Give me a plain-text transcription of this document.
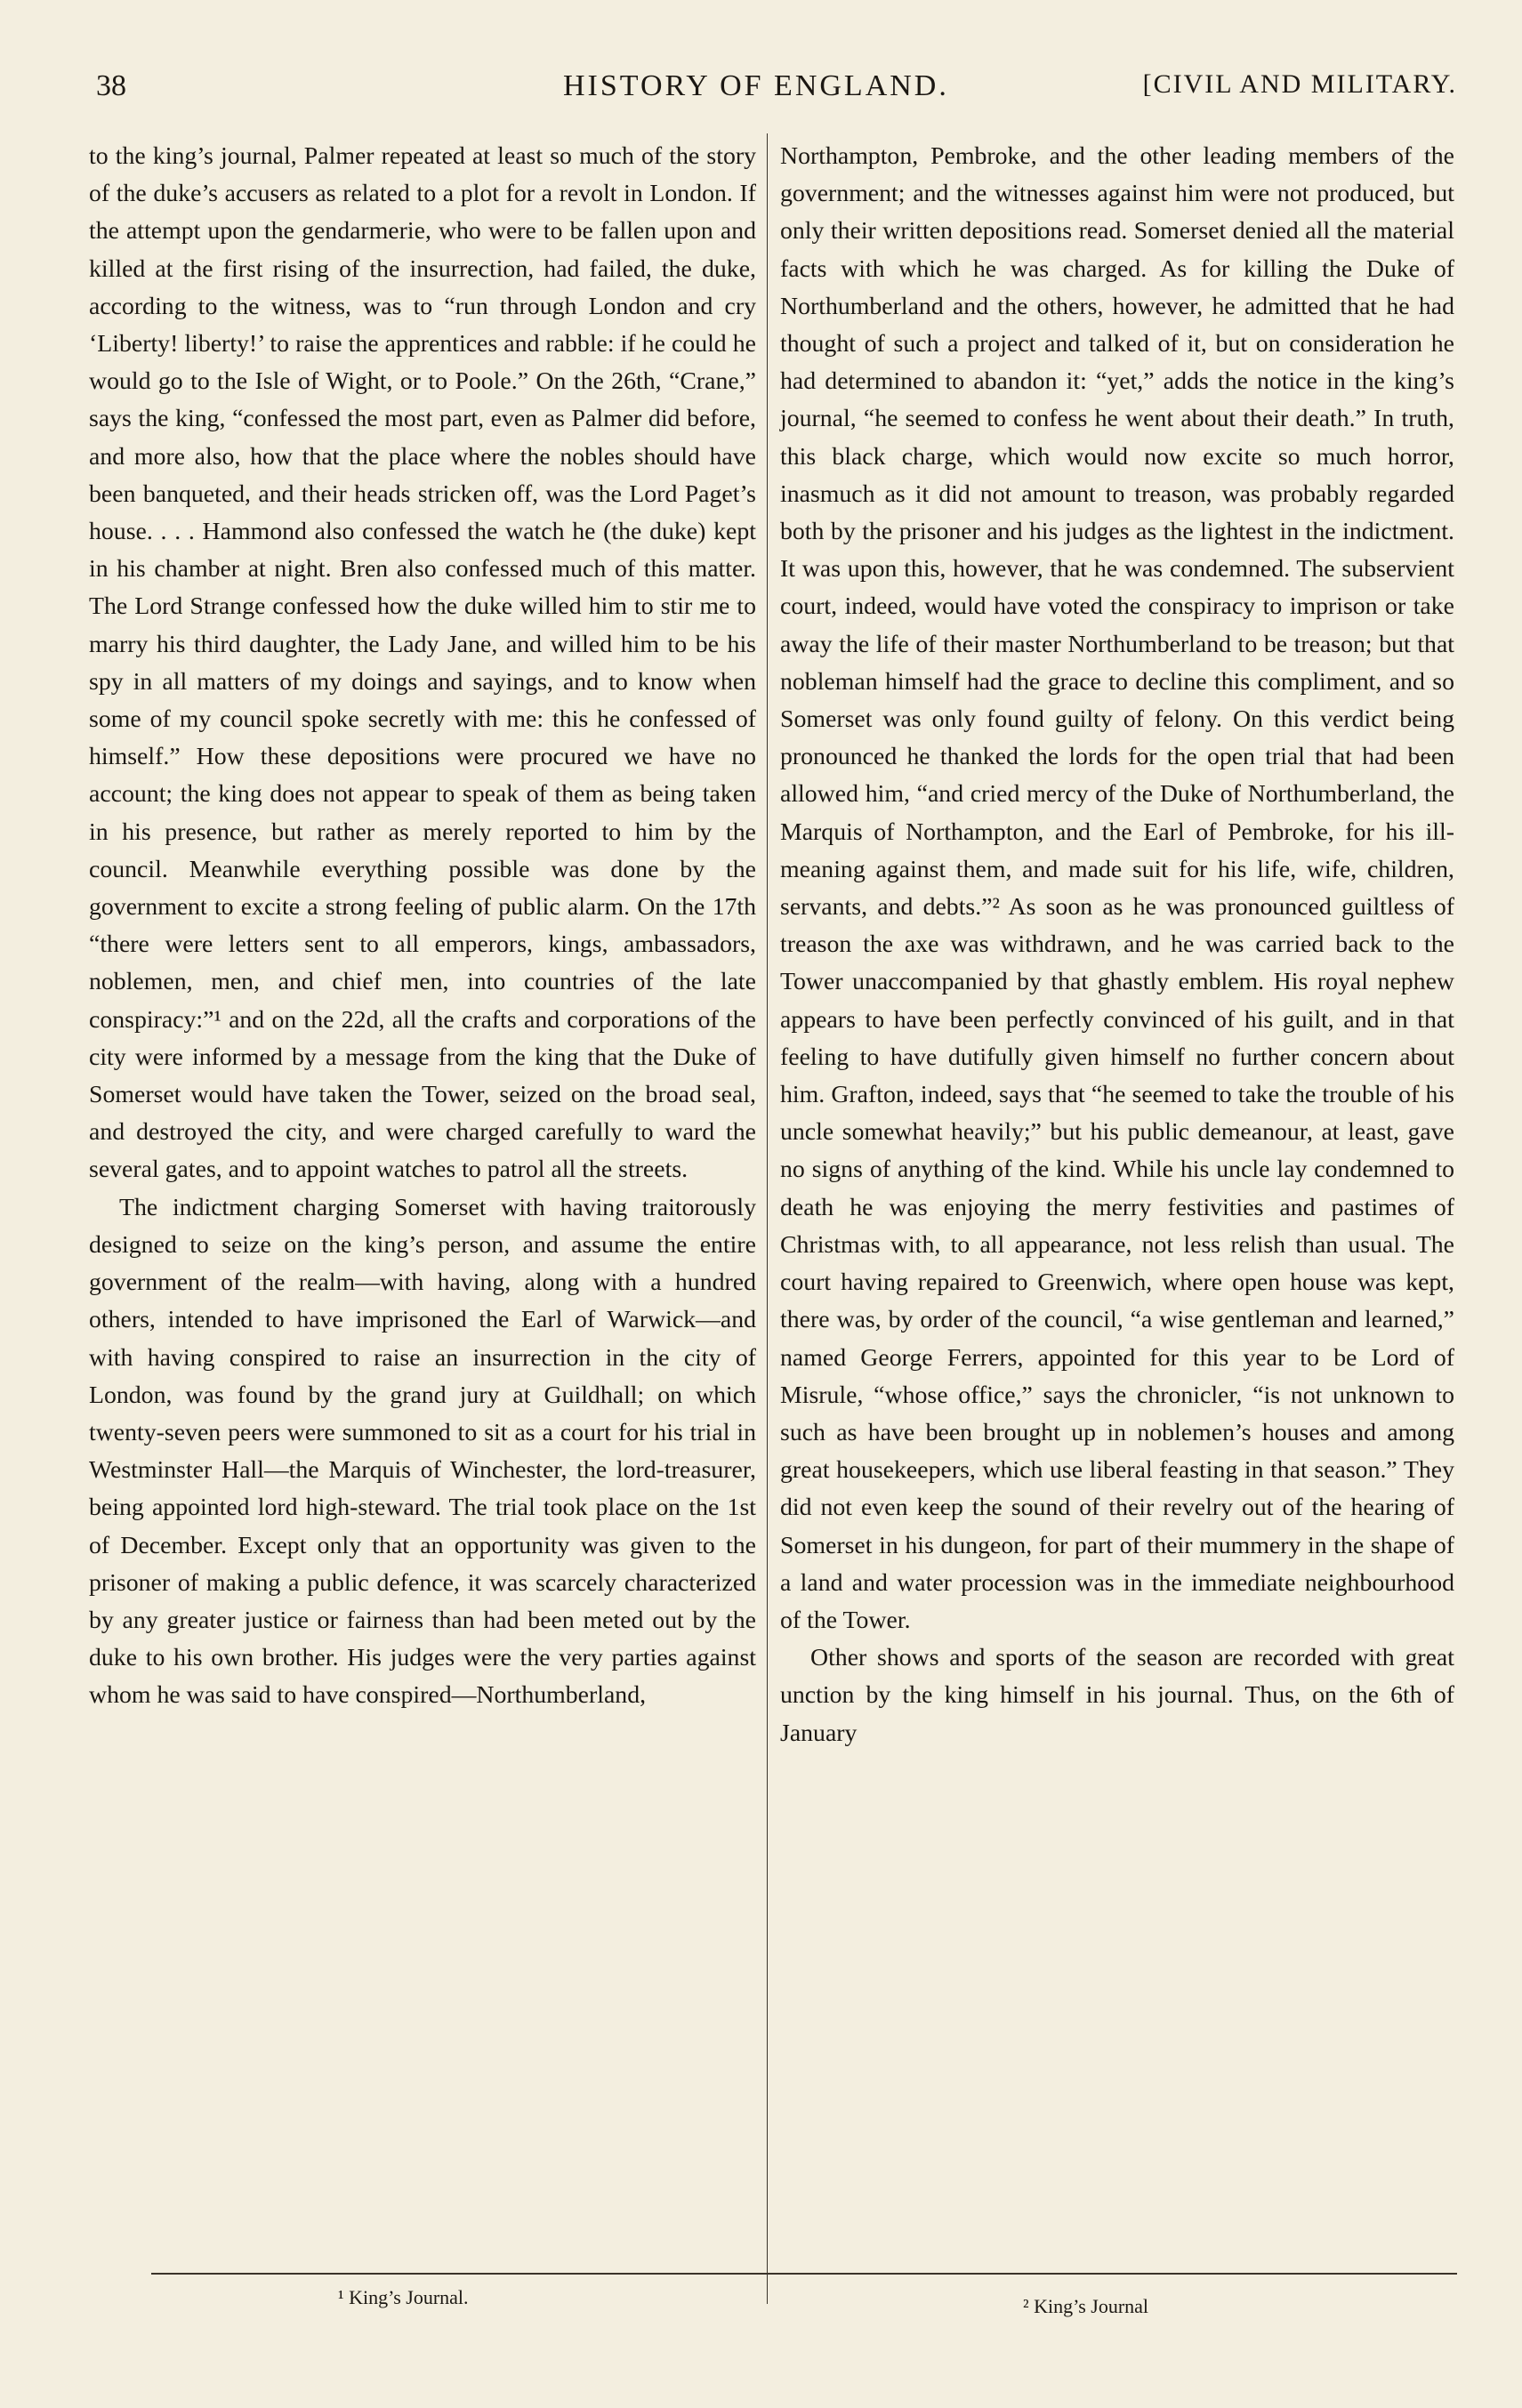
38	HISTORY OF ENGLAND.	[CIVIL AND MILITARY.

to the king’s journal, Palmer repeated at least so much of the story of the duke’s accusers as related to a plot for a revolt in London. If the attempt upon the gendarmerie, who were to be fallen upon and killed at the first rising of the insurrection, had failed, the duke, according to the witness, was to “run through London and cry ‘Liberty! liberty!’ to raise the apprentices and rabble: if he could he would go to the Isle of Wight, or to Poole.” On the 26th, “Crane,” says the king, “confessed the most part, even as Palmer did before, and more also, how that the place where the nobles should have been banqueted, and their heads stricken off, was the Lord Paget’s house. . . . Hammond also confessed the watch he (the duke) kept in his chamber at night. Bren also confessed much of this matter. The Lord Strange confessed how the duke willed him to stir me to marry his third daughter, the Lady Jane, and willed him to be his spy in all matters of my doings and sayings, and to know when some of my council spoke secretly with me: this he confessed of himself.” How these depositions were procured we have no account; the king does not appear to speak of them as being taken in his presence, but rather as merely reported to him by the council. Meanwhile everything possible was done by the government to excite a strong feeling of public alarm. On the 17th “there were letters sent to all emperors, kings, ambassadors, noblemen, men, and chief men, into countries of the late conspiracy:”¹ and on the 22d, all the crafts and corporations of the city were informed by a message from the king that the Duke of Somerset would have taken the Tower, seized on the broad seal, and destroyed the city, and were charged carefully to ward the several gates, and to appoint watches to patrol all the streets.

The indictment charging Somerset with having traitorously designed to seize on the king’s person, and assume the entire government of the realm—with having, along with a hundred others, intended to have imprisoned the Earl of Warwick—and with having conspired to raise an insurrection in the city of London, was found by the grand jury at Guildhall; on which twenty-seven peers were summoned to sit as a court for his trial in Westminster Hall—the Marquis of Winchester, the lord-treasurer, being appointed lord high-steward. The trial took place on the 1st of December. Except only that an opportunity was given to the prisoner of making a public defence, it was scarcely characterized by any greater justice or fairness than had been meted out by the duke to his own brother. His judges were the very parties against whom he was said to have conspired—Northumberland,

Northampton, Pembroke, and the other leading members of the government; and the witnesses against him were not produced, but only their written depositions read. Somerset denied all the material facts with which he was charged. As for killing the Duke of Northumberland and the others, however, he admitted that he had thought of such a project and talked of it, but on consideration he had determined to abandon it: “yet,” adds the notice in the king’s journal, “he seemed to confess he went about their death.” In truth, this black charge, which would now excite so much horror, inasmuch as it did not amount to treason, was probably regarded both by the prisoner and his judges as the lightest in the indictment. It was upon this, however, that he was condemned. The subservient court, indeed, would have voted the conspiracy to imprison or take away the life of their master Northumberland to be treason; but that nobleman himself had the grace to decline this compliment, and so Somerset was only found guilty of felony. On this verdict being pronounced he thanked the lords for the open trial that had been allowed him, “and cried mercy of the Duke of Northumberland, the Marquis of Northampton, and the Earl of Pembroke, for his ill-meaning against them, and made suit for his life, wife, children, servants, and debts.”² As soon as he was pronounced guiltless of treason the axe was withdrawn, and he was carried back to the Tower unaccompanied by that ghastly emblem. His royal nephew appears to have been perfectly convinced of his guilt, and in that feeling to have dutifully given himself no further concern about him. Grafton, indeed, says that “he seemed to take the trouble of his uncle somewhat heavily;” but his public demeanour, at least, gave no signs of anything of the kind. While his uncle lay condemned to death he was enjoying the merry festivities and pastimes of Christmas with, to all appearance, not less relish than usual. The court having repaired to Greenwich, where open house was kept, there was, by order of the council, “a wise gentleman and learned,” named George Ferrers, appointed for this year to be Lord of Misrule, “whose office,” says the chronicler, “is not unknown to such as have been brought up in noblemen’s houses and among great housekeepers, which use liberal feasting in that season.” They did not even keep the sound of their revelry out of the hearing of Somerset in his dungeon, for part of their mummery in the shape of a land and water procession was in the immediate neighbourhood of the Tower.

Other shows and sports of the season are recorded with great unction by the king himself in his journal. Thus, on the 6th of January

¹ King’s Journal.	² King’s Journal
